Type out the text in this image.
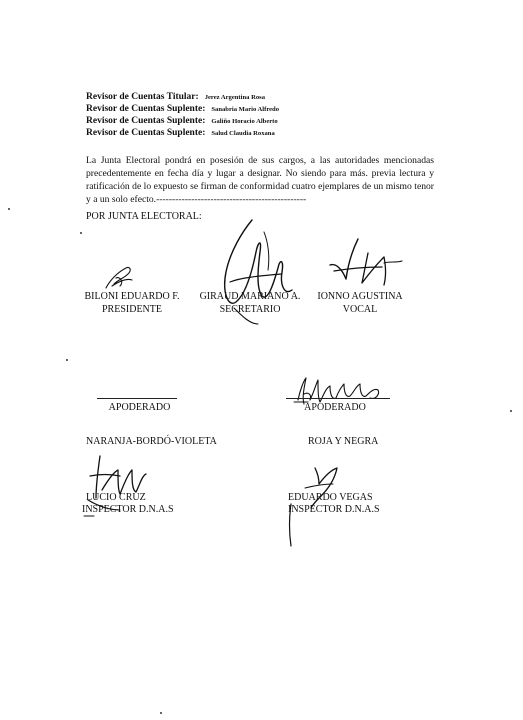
Revisor de Cuentas Titular: Jerez Argentina Rosa
Revisor de Cuentas Suplente: Sanabria Mario Alfredo
Revisor de Cuentas Suplente: Galiño Horacio Alberto
Revisor de Cuentas Suplente: Salud Claudia Roxana
La Junta Electoral pondrá en posesión de sus cargos, a las autoridades mencionadas precedentemente en fecha día y lugar a designar. No siendo para más. previa lectura y ratificación de lo expuesto se firman de conformidad cuatro ejemplares de un mismo tenor y a un solo efecto.-----------------------------------------------
POR JUNTA ELECTORAL:
BILONI EDUARDO F.
PRESIDENTE
GIRAUD MARIANO A.
SECRETARIO
IONNO AGUSTINA
VOCAL
APODERADO	APODERADO
NARANJA-BORDÓ-VIOLETA	ROJA Y NEGRA
LUCIO CRUZ
INSPECTOR D.N.A.S
EDUARDO VEGAS
INSPECTOR D.N.A.S
